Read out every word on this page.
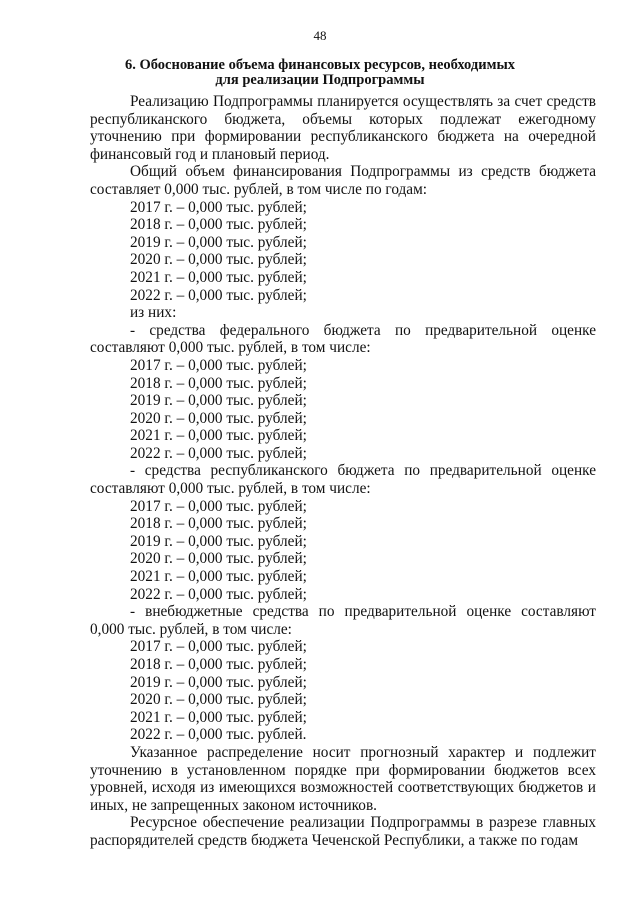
48
6. Обоснование объема финансовых ресурсов, необходимых
для реализации Подпрограммы

Реализацию Подпрограммы планируется осуществлять за счет средств республиканского бюджета, объемы которых подлежат ежегодному уточнению при формировании республиканского бюджета на очередной финансовый год и плановый период.

Общий объем финансирования Подпрограммы из средств бюджета составляет 0,000 тыс. рублей, в том числе по годам:

2017 г. – 0,000 тыс. рублей;
2018 г. – 0,000 тыс. рублей;
2019 г. – 0,000 тыс. рублей;
2020 г. – 0,000 тыс. рублей;
2021 г. – 0,000 тыс. рублей;
2022 г. – 0,000 тыс. рублей;
из них:

- средства федерального бюджета по предварительной оценке составляют 0,000 тыс. рублей, в том числе:

2017 г. – 0,000 тыс. рублей;
2018 г. – 0,000 тыс. рублей;
2019 г. – 0,000 тыс. рублей;
2020 г. – 0,000 тыс. рублей;
2021 г. – 0,000 тыс. рублей;
2022 г. – 0,000 тыс. рублей;

- средства республиканского бюджета по предварительной оценке составляют 0,000 тыс. рублей, в том числе:

2017 г. – 0,000 тыс. рублей;
2018 г. – 0,000 тыс. рублей;
2019 г. – 0,000 тыс. рублей;
2020 г. – 0,000 тыс. рублей;
2021 г. – 0,000 тыс. рублей;
2022 г. – 0,000 тыс. рублей;

- внебюджетные средства по предварительной оценке составляют 0,000 тыс. рублей, в том числе:

2017 г. – 0,000 тыс. рублей;
2018 г. – 0,000 тыс. рублей;
2019 г. – 0,000 тыс. рублей;
2020 г. – 0,000 тыс. рублей;
2021 г. – 0,000 тыс. рублей;
2022 г. – 0,000 тыс. рублей.

Указанное распределение носит прогнозный характер и подлежит уточнению в установленном порядке при формировании бюджетов всех уровней, исходя из имеющихся возможностей соответствующих бюджетов и иных, не запрещенных законом источников.

Ресурсное обеспечение реализации Подпрограммы в разрезе главных распорядителей средств бюджета Чеченской Республики, а также по годам
